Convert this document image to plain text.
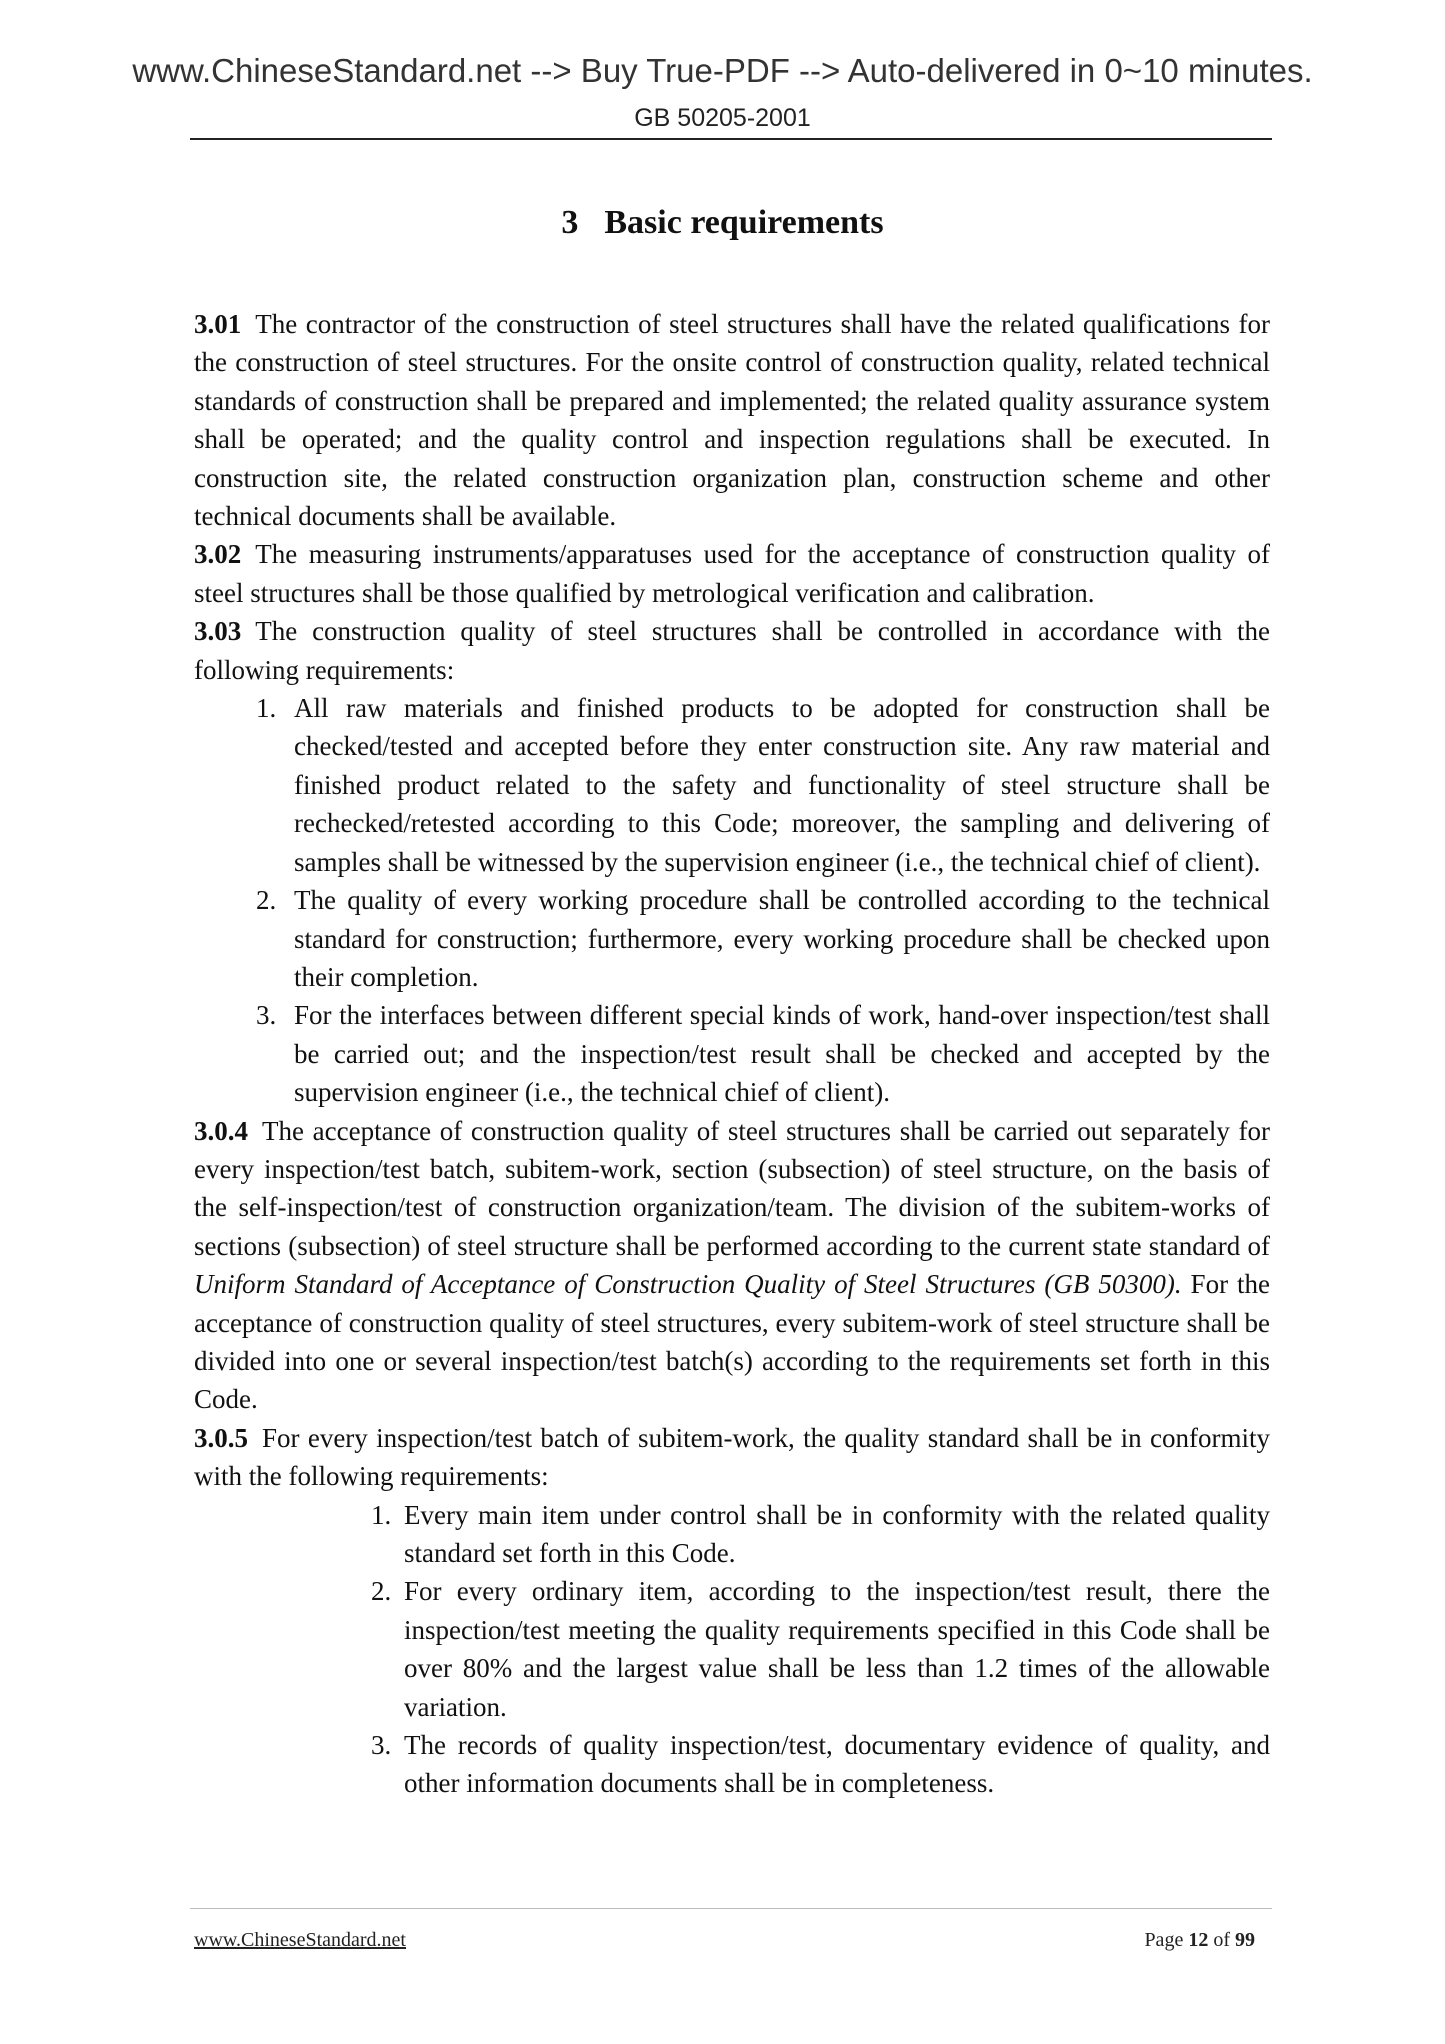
www.ChineseStandard.net --> Buy True-PDF --> Auto-delivered in 0~10 minutes.
GB 50205-2001
3 Basic requirements

3.01 The contractor of the construction of steel structures shall have the related qualifications for the construction of steel structures. For the onsite control of construction quality, related technical standards of construction shall be prepared and implemented; the related quality assurance system shall be operated; and the quality control and inspection regulations shall be executed. In construction site, the related construction organization plan, construction scheme and other technical documents shall be available.

3.02 The measuring instruments/apparatuses used for the acceptance of construction quality of steel structures shall be those qualified by metrological verification and calibration.

3.03 The construction quality of steel structures shall be controlled in accordance with the following requirements:

1. All raw materials and finished products to be adopted for construction shall be checked/tested and accepted before they enter construction site. Any raw material and finished product related to the safety and functionality of steel structure shall be rechecked/retested according to this Code; moreover, the sampling and delivering of samples shall be witnessed by the supervision engineer (i.e., the technical chief of client).
2. The quality of every working procedure shall be controlled according to the technical standard for construction; furthermore, every working procedure shall be checked upon their completion.
3. For the interfaces between different special kinds of work, hand-over inspection/test shall be carried out; and the inspection/test result shall be checked and accepted by the supervision engineer (i.e., the technical chief of client).

3.0.4 The acceptance of construction quality of steel structures shall be carried out separately for every inspection/test batch, subitem-work, section (subsection) of steel structure, on the basis of the self-inspection/test of construction organization/team. The division of the subitem-works of sections (subsection) of steel structure shall be performed according to the current state standard of Uniform Standard of Acceptance of Construction Quality of Steel Structures (GB 50300). For the acceptance of construction quality of steel structures, every subitem-work of steel structure shall be divided into one or several inspection/test batch(s) according to the requirements set forth in this Code.

3.0.5 For every inspection/test batch of subitem-work, the quality standard shall be in conformity with the following requirements:

1. Every main item under control shall be in conformity with the related quality standard set forth in this Code.
2. For every ordinary item, according to the inspection/test result, there the inspection/test meeting the quality requirements specified in this Code shall be over 80% and the largest value shall be less than 1.2 times of the allowable variation.
3. The records of quality inspection/test, documentary evidence of quality, and other information documents shall be in completeness.
www.ChineseStandard.net	Page 12 of 99
